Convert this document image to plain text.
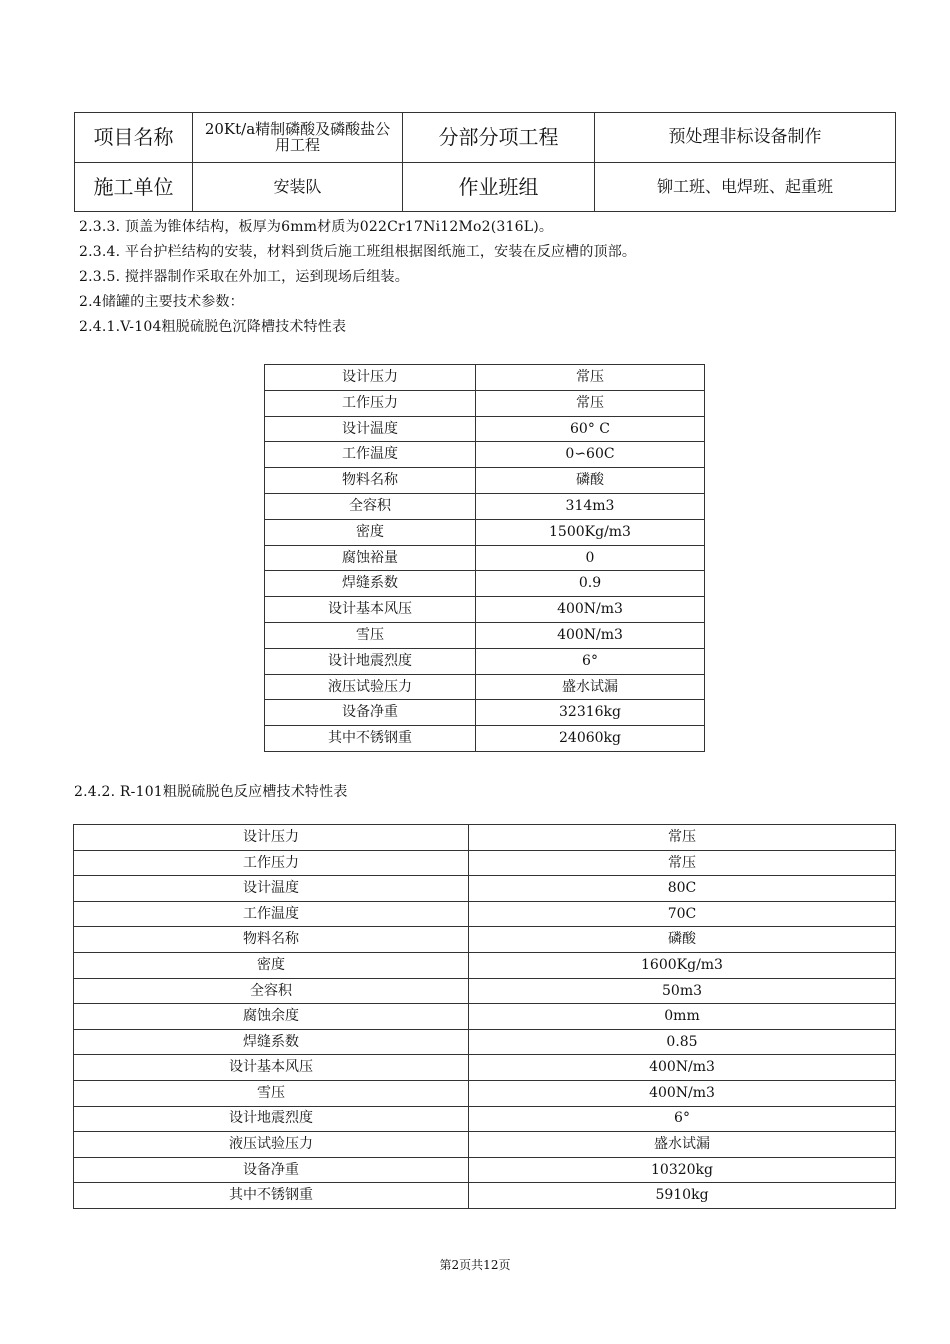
项目名称	20Kt/a精制磷酸及磷酸盐公用工程	分部分项工程	预处理非标设备制作
施工单位	安装队	作业班组	铆工班、电焊班、起重班
2.3.3. 顶盖为锥体结构，板厚为6mm材质为022Cr17Ni12Mo2(316L)。
2.3.4. 平台护栏结构的安装，材料到货后施工班组根据图纸施工，安装在反应槽的顶部。
2.3.5. 搅拌器制作采取在外加工，运到现场后组装。
2.4储罐的主要技术参数：
2.4.1.V-104粗脱硫脱色沉降槽技术特性表
设计压力	常压
工作压力	常压
设计温度	60° C
工作温度	0∽60C
物料名称	磷酸
全容积	314m3
密度	1500Kg/m3
腐蚀裕量	0
焊缝系数	0.9
设计基本风压	400N/m3
雪压	400N/m3
设计地震烈度	6°
液压试验压力	盛水试漏
设备净重	32316kg
其中不锈钢重	24060kg
2.4.2. R-101粗脱硫脱色反应槽技术特性表
设计压力	常压
工作压力	常压
设计温度	80C
工作温度	70C
物料名称	磷酸
密度	1600Kg/m3
全容积	50m3
腐蚀余度	0mm
焊缝系数	0.85
设计基本风压	400N/m3
雪压	400N/m3
设计地震烈度	6°
液压试验压力	盛水试漏
设备净重	10320kg
其中不锈钢重	5910kg
第2页共12页
